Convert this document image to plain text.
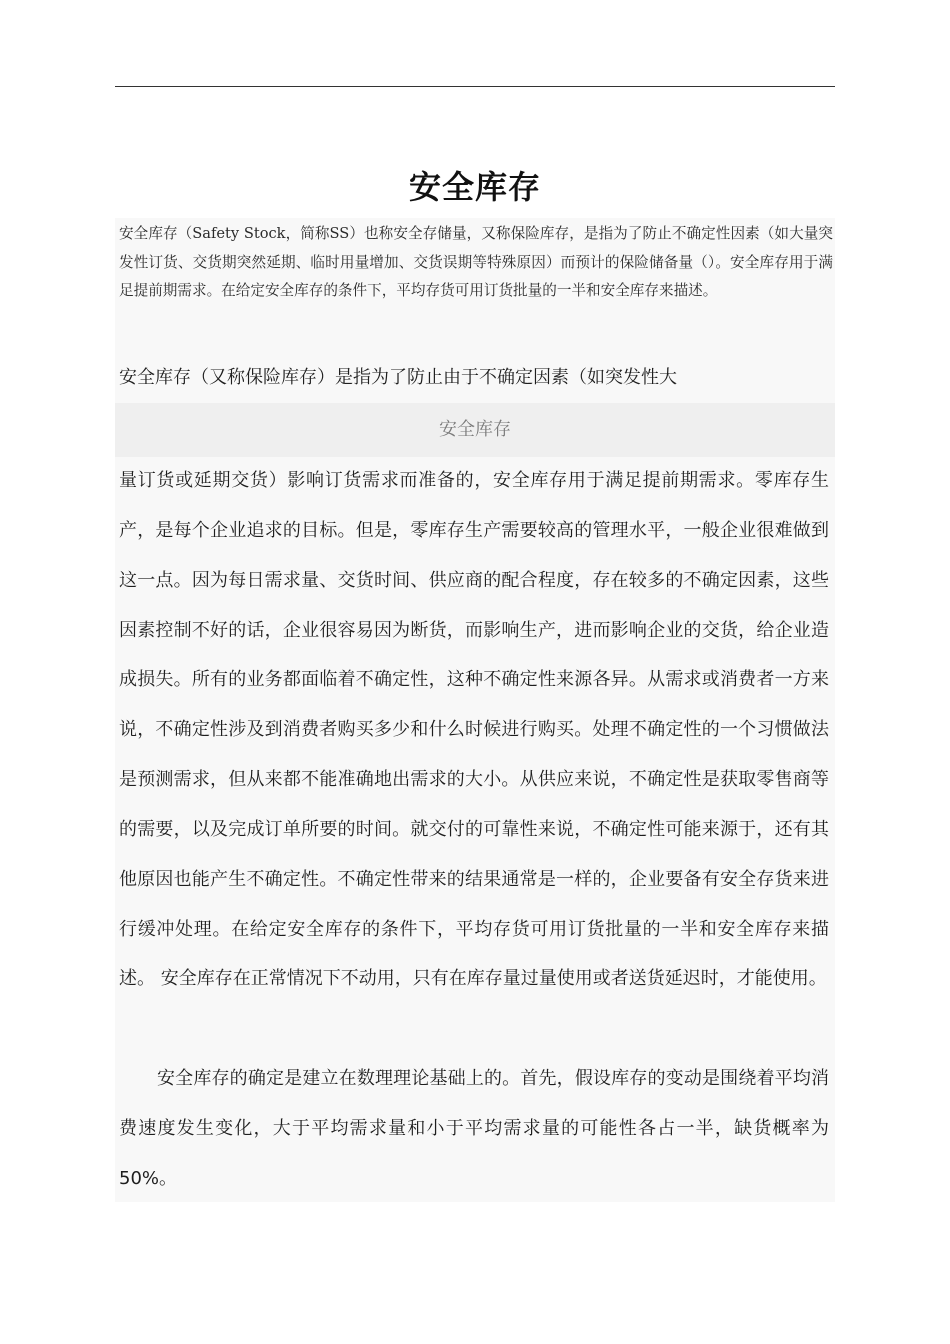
安全库存

安全库存（Safety Stock，简称SS）也称安全存储量，又称保险库存，是指为了防止不确定性因素（如大量突发性订货、交货期突然延期、临时用量增加、交货误期等特殊原因）而预计的保险储备量（）。安全库存用于满足提前期需求。在给定安全库存的条件下，平均存货可用订货批量的一半和安全库存来描述。

安全库存（又称保险库存）是指为了防止由于不确定因素（如突发性大

安全库存

量订货或延期交货）影响订货需求而准备的，安全库存用于满足提前期需求。零库存生产，是每个企业追求的目标。但是，零库存生产需要较高的管理水平，一般企业很难做到这一点。因为每日需求量、交货时间、供应商的配合程度，存在较多的不确定因素，这些因素控制不好的话，企业很容易因为断货，而影响生产，进而影响企业的交货，给企业造成损失。所有的业务都面临着不确定性，这种不确定性来源各异。从需求或消费者一方来说，不确定性涉及到消费者购买多少和什么时候进行购买。处理不确定性的一个习惯做法是预测需求，但从来都不能准确地出需求的大小。从供应来说，不确定性是获取零售商等的需要，以及完成订单所要的时间。就交付的可靠性来说，不确定性可能来源于，还有其他原因也能产生不确定性。不确定性带来的结果通常是一样的，企业要备有安全存货来进行缓冲处理。在给定安全库存的条件下，平均存货可用订货批量的一半和安全库存来描述。 安全库存在正常情况下不动用，只有在库存量过量使用或者送货延迟时，才能使用。

安全库存的确定是建立在数理理论基础上的。首先，假设库存的变动是围绕着平均消费速度发生变化，大于平均需求量和小于平均需求量的可能性各占一半，缺货概率为 50%。
